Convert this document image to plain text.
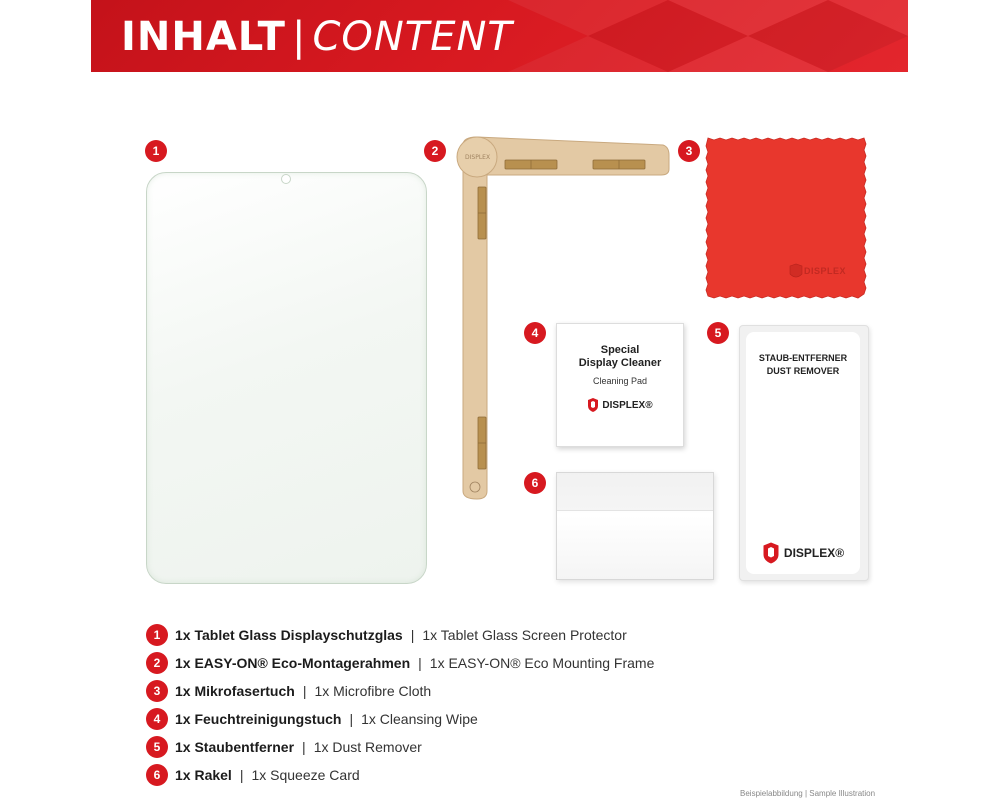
INHALT | CONTENT
1	2	3
4	5
6
DISPLEX
DISPLEX
Special
Display Cleaner
Cleaning Pad
DISPLEX®
STAUB-ENTFERNER
DUST REMOVER
DISPLEX®
1	1x Tablet Glass Displayschutzglas | 1x Tablet Glass Screen Protector
2	1x EASY-ON® Eco-Montagerahmen | 1x EASY-ON® Eco Mounting Frame
3	1x Mikrofasertuch | 1x Microfibre Cloth
4	1x Feuchtreinigungstuch | 1x Cleansing Wipe
5	1x Staubentferner | 1x Dust Remover
6	1x Rakel | 1x Squeeze Card
Beispielabbildung | Sample Illustration
